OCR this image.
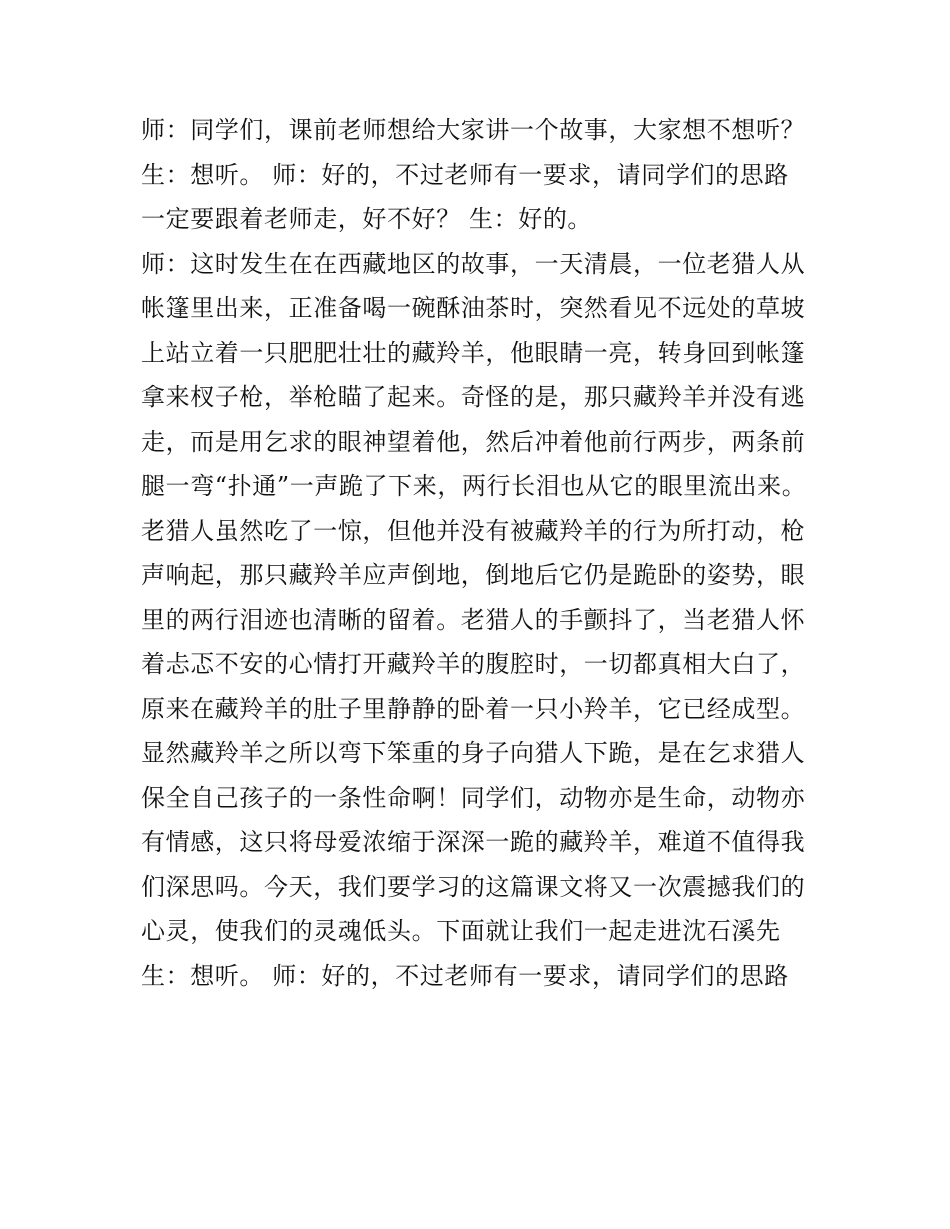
师：同学们，课前老师想给大家讲一个故事，大家想不想听？
生：想听。 师：好的，不过老师有一要求，请同学们的思路
一定要跟着老师走，好不好？ 生：好的。
师：这时发生在在西藏地区的故事，一天清晨，一位老猎人从
帐篷里出来，正准备喝一碗酥油茶时，突然看见不远处的草坡
上站立着一只肥肥壮壮的藏羚羊，他眼睛一亮，转身回到帐篷
拿来杈子枪，举枪瞄了起来。奇怪的是，那只藏羚羊并没有逃
走，而是用乞求的眼神望着他，然后冲着他前行两步，两条前
腿一弯“扑通”一声跪了下来，两行长泪也从它的眼里流出来。
老猎人虽然吃了一惊，但他并没有被藏羚羊的行为所打动，枪
声响起，那只藏羚羊应声倒地，倒地后它仍是跪卧的姿势，眼
里的两行泪迹也清晰的留着。老猎人的手颤抖了，当老猎人怀
着忐忑不安的心情打开藏羚羊的腹腔时，一切都真相大白了，
原来在藏羚羊的肚子里静静的卧着一只小羚羊，它已经成型。
显然藏羚羊之所以弯下笨重的身子向猎人下跪，是在乞求猎人
保全自己孩子的一条性命啊！同学们，动物亦是生命，动物亦
有情感，这只将母爱浓缩于深深一跪的藏羚羊，难道不值得我
们深思吗。今天，我们要学习的这篇课文将又一次震撼我们的
心灵，使我们的灵魂低头。下面就让我们一起走进沈石溪先
生：想听。 师：好的，不过老师有一要求，请同学们的思路
